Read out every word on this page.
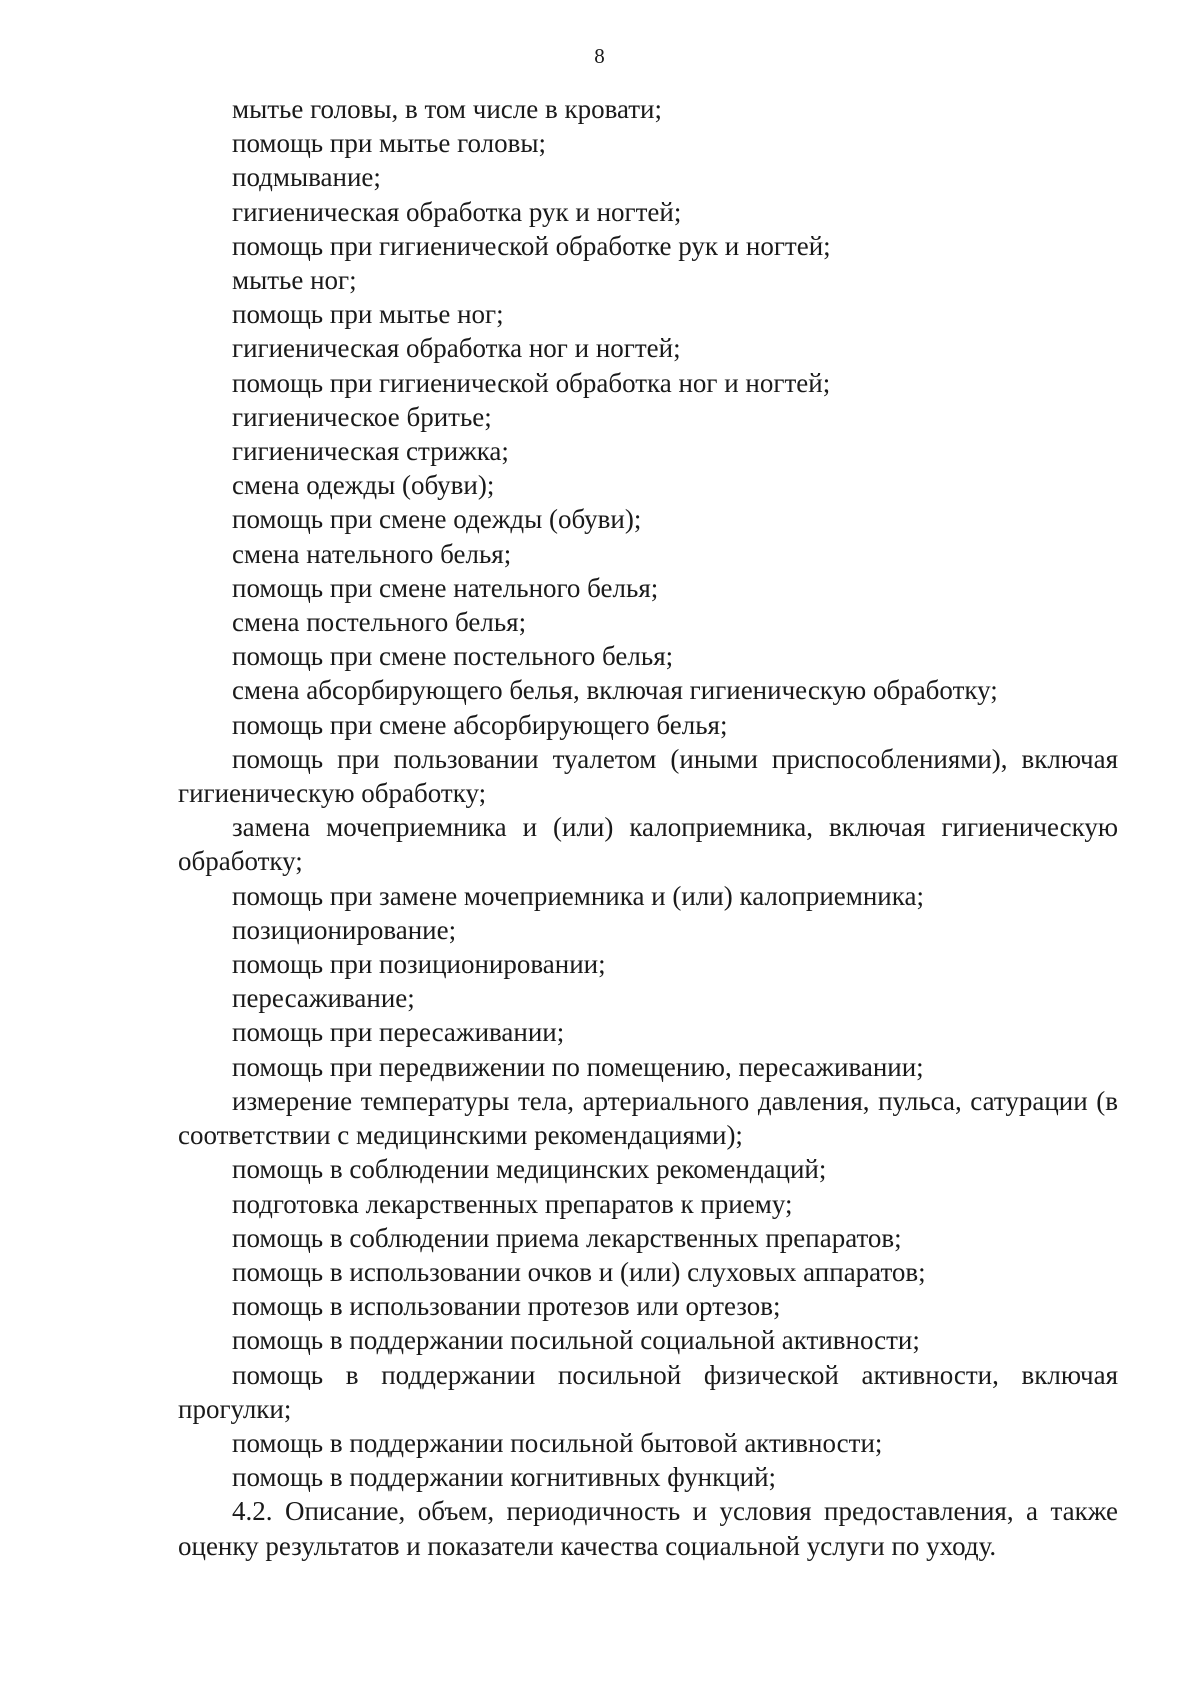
8

мытье головы, в том числе в кровати;

помощь при мытье головы;

подмывание;

гигиеническая обработка рук и ногтей;

помощь при гигиенической обработке рук и ногтей;

мытье ног;

помощь при мытье ног;

гигиеническая обработка ног и ногтей;

помощь при гигиенической обработка ног и ногтей;

гигиеническое бритье;

гигиеническая стрижка;

смена одежды (обуви);

помощь при смене одежды (обуви);

смена нательного белья;

помощь при смене нательного белья;

смена постельного белья;

помощь при смене постельного белья;

смена абсорбирующего белья, включая гигиеническую обработку;

помощь при смене абсорбирующего белья;

помощь при пользовании туалетом (иными приспособлениями), включая гигиеническую обработку;

замена мочеприемника и (или) калоприемника, включая гигиеническую обработку;

помощь при замене мочеприемника и (или) калоприемника;

позиционирование;

помощь при позиционировании;

пересаживание;

помощь при пересаживании;

помощь при передвижении по помещению, пересаживании;

измерение температуры тела, артериального давления, пульса, сатурации (в соответствии с медицинскими рекомендациями);

помощь в соблюдении медицинских рекомендаций;

подготовка лекарственных препаратов к приему;

помощь в соблюдении приема лекарственных препаратов;

помощь в использовании очков и (или) слуховых аппаратов;

помощь в использовании протезов или ортезов;

помощь в поддержании посильной социальной активности;

помощь в поддержании посильной физической активности, включая прогулки;

помощь в поддержании посильной бытовой активности;

помощь в поддержании когнитивных функций;

4.2. Описание, объем, периодичность и условия предоставления, а также оценку результатов и показатели качества социальной услуги по уходу.
